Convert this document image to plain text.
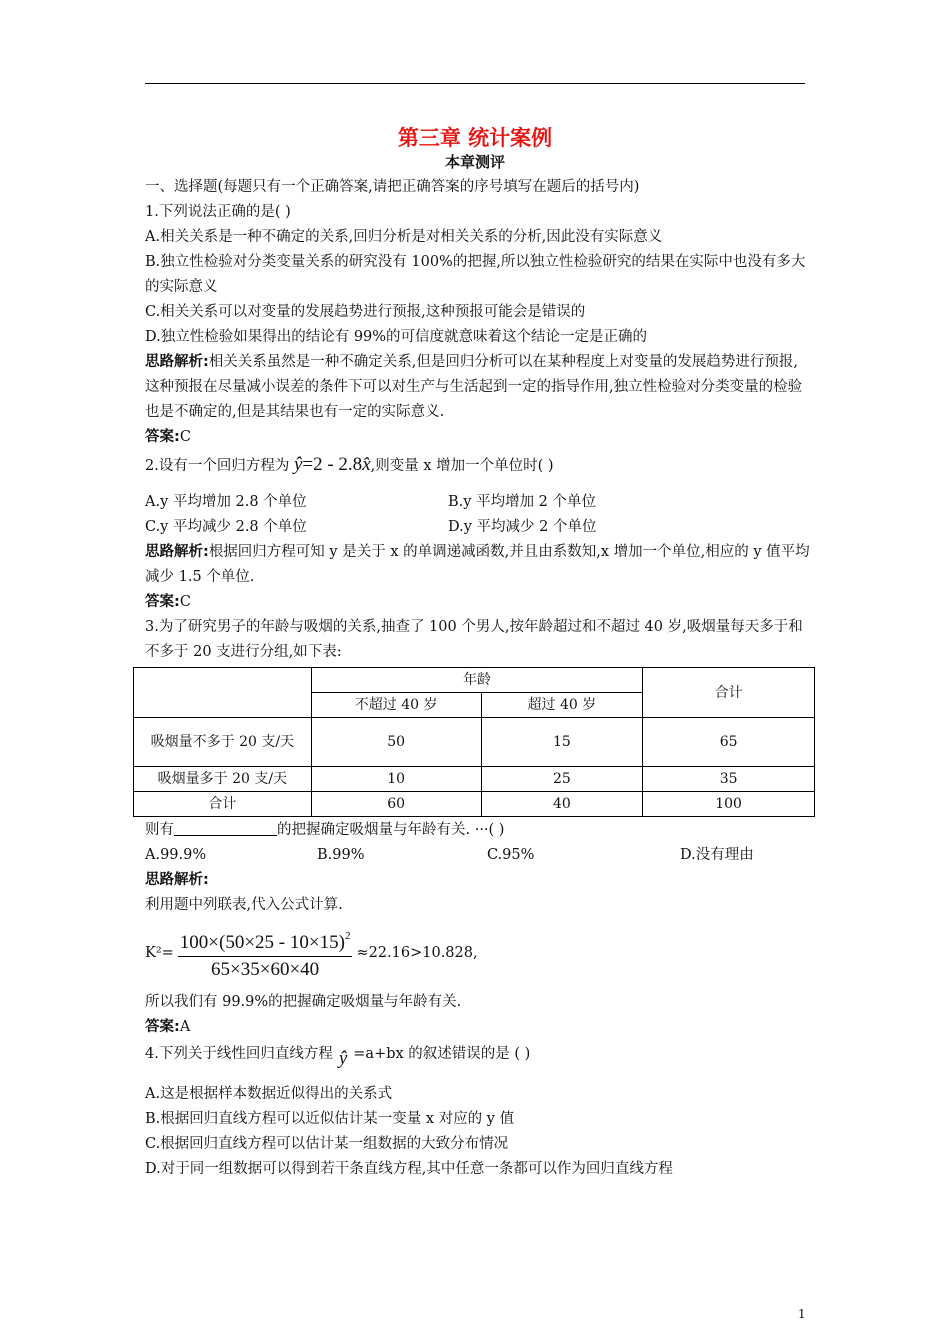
第三章 统计案例
本章测评
一、选择题(每题只有一个正确答案,请把正确答案的序号填写在题后的括号内)
1.下列说法正确的是( )
A.相关关系是一种不确定的关系,回归分析是对相关关系的分析,因此没有实际意义
B.独立性检验对分类变量关系的研究没有 100%的把握,所以独立性检验研究的结果在实际中也没有多大的实际意义
C.相关关系可以对变量的发展趋势进行预报,这种预报可能会是错误的
D.独立性检验如果得出的结论有 99%的可信度就意味着这个结论一定是正确的
思路解析:相关关系虽然是一种不确定关系,但是回归分析可以在某种程度上对变量的发展趋势进行预报,这种预报在尽量减小误差的条件下可以对生产与生活起到一定的指导作用,独立性检验对分类变量的检验也是不确定的,但是其结果也有一定的实际意义.
答案:C
2.设有一个回归方程为 ŷ=2 - 2.8x̂,则变量 x 增加一个单位时( )
A.y 平均增加 2.8 个单位	B.y 平均增加 2 个单位
C.y 平均减少 2.8 个单位	D.y 平均减少 2 个单位
思路解析:根据回归方程可知 y 是关于 x 的单调递减函数,并且由系数知,x 增加一个单位,相应的 y 值平均减少 1.5 个单位.
答案:C
3.为了研究男子的年龄与吸烟的关系,抽查了 100 个男人,按年龄超过和不超过 40 岁,吸烟量每天多于和不多于 20 支进行分组,如下表:
	年龄		合计
	不超过 40 岁	超过 40 岁	
吸烟量不多于 20 支/天	50	15	65
吸烟量多于 20 支/天	10	25	35
合计	60	40	100
则有	的把握确定吸烟量与年龄有关. ···( )
A.99.9%	B.99%	C.95%	D.没有理由
思路解析:
利用题中列联表,代入公式计算.
$K^2= \frac{100\times(50\times 25 - 10\times 15)^2}{65\times 35\times 60\times 40} \approx 22.16>10.828$,
所以我们有 99.9%的把握确定吸烟量与年龄有关.
答案:A
4.下列关于线性回归直线方程 ŷ =a+bx 的叙述错误的是 ( )
A.这是根据样本数据近似得出的关系式
B.根据回归直线方程可以近似估计某一变量 x 对应的 y 值
C.根据回归直线方程可以估计某一组数据的大致分布情况
D.对于同一组数据可以得到若干条直线方程,其中任意一条都可以作为回归直线方程
1
